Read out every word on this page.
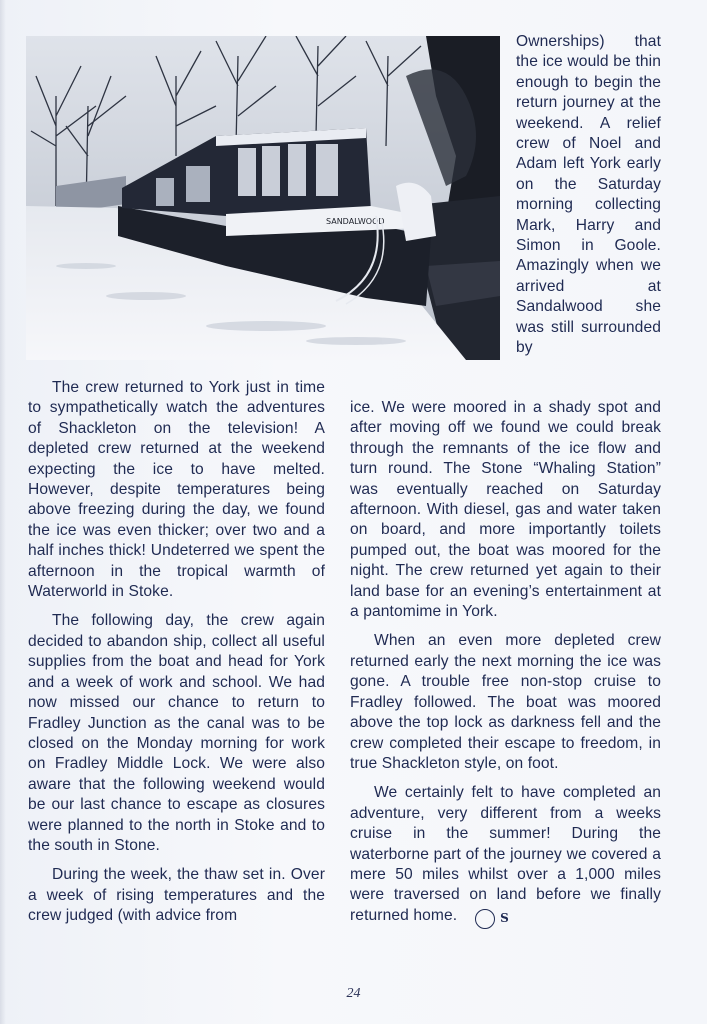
SANDALWOOD

Ownerships) that the ice would be thin enough to begin the return journey at the weekend. A relief crew of Noel and Adam left York early on the Saturday morning collecting Mark, Harry and Simon in Goole. Amazingly when we arrived at Sandalwood she was still surrounded by

The crew returned to York just in time to sympathetically watch the adventures of Shackleton on the television! A depleted crew returned at the weekend expecting the ice to have melted. However, despite temperatures being above freezing during the day, we found the ice was even thicker; over two and a half inches thick! Undeterred we spent the afternoon in the tropical warmth of Waterworld in Stoke.

The following day, the crew again decided to abandon ship, collect all useful supplies from the boat and head for York and a week of work and school. We had now missed our chance to return to Fradley Junction as the canal was to be closed on the Monday morning for work on Fradley Middle Lock. We were also aware that the following weekend would be our last chance to escape as closures were planned to the north in Stoke and to the south in Stone.

During the week, the thaw set in. Over a week of rising temperatures and the crew judged (with advice from

ice. We were moored in a shady spot and after moving off we found we could break through the remnants of the ice flow and turn round. The Stone “Whaling Station” was eventually reached on Saturday afternoon. With diesel, gas and water taken on board, and more importantly toilets pumped out, the boat was moored for the night. The crew returned yet again to their land base for an evening’s entertainment at a pantomime in York.

When an even more depleted crew returned early the next morning the ice was gone. A trouble free non-stop cruise to Fradley followed. The boat was moored above the top lock as darkness fell and the crew completed their escape to freedom, in true Shackleton style, on foot.

We certainly felt to have completed an adventure, very different from a weeks cruise in the summer! During the waterborne part of the journey we covered a mere 50 miles whilst over a 1,000 miles were traversed on land before we finally returned home.	S

24
